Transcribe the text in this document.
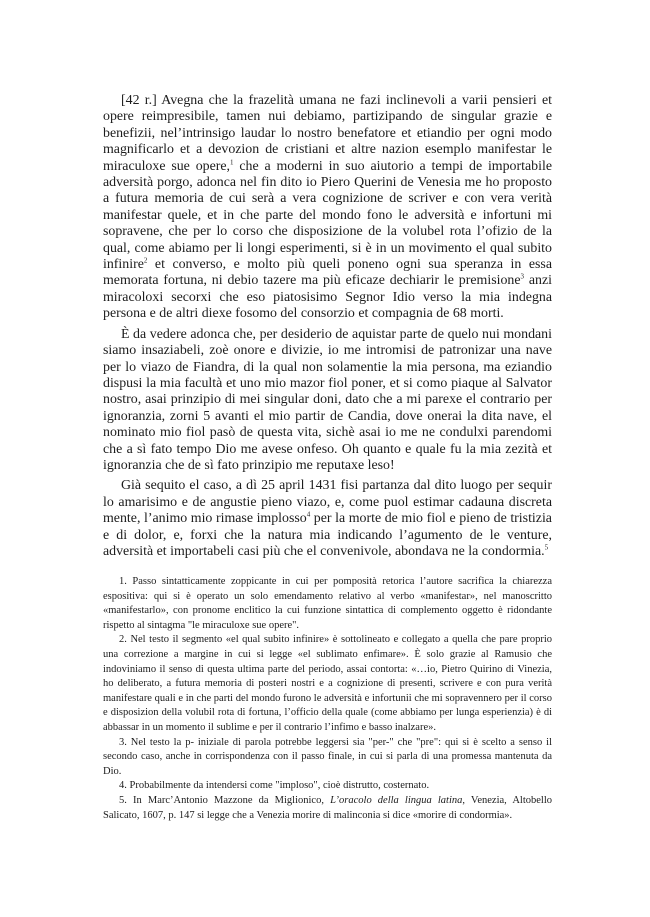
[42 r.] Avegna che la frazelità umana ne fazi inclinevoli a varii pensieri et opere reimpresibile, tamen nui debiamo, partizipando de singular grazie e benefizii, nel’intrinsigo laudar lo nostro benefatore et etiandio per ogni modo magnificarlo et a devozion de cristiani et altre nazion esemplo manifestar le miraculoxe sue opere,$^1$ che a moderni in suo aiutorio a tempi de importabile adversità porgo, adonca nel fin dito io Piero Querini de Venesia me ho proposto a futura memoria de cui serà a vera cognizione de scriver e con vera verità manifestar quele, et in che parte del mondo fono le adversità e infortuni mi sopravene, che per lo corso che disposizione de la volubel rota l’ofizio de la qual, come abiamo per li longi esperimenti, si è in un movimento el qual subito infinire$^2$ et converso, e molto più queli poneno ogni sua speranza in essa memorata fortuna, ni debio tazere ma più eficaze dechiarir le premisione$^3$ anzi miracoloxi secorxi che eso piatosisimo Segnor Idio verso la mia indegna persona e de altri diexe fosomo del consorzio et compagnia de 68 morti.

È da vedere adonca che, per desiderio de aquistar parte de quelo nui mondani siamo insaziabeli, zoè onore e divizie, io me intromisi de patronizar una nave per lo viazo de Fiandra, di la qual non solamentie la mia persona, ma eziandio dispusi la mia facultà et uno mio mazor fiol poner, et si como piaque al Salvator nostro, asai prinzipio di mei singular doni, dato che a mi parexe el contrario per ignoranzia, zorni 5 avanti el mio partir de Candia, dove onerai la dita nave, el nominato mio fiol pasò de questa vita, sichè asai io me ne condulxi parendomi che a sì fato tempo Dio me avese onfeso. Oh quanto e quale fu la mia zezità et ignoranzia che de sì fato prinzipio me reputaxe leso!

Già sequito el caso, a dì 25 april 1431 fisi partanza dal dito luogo per sequir lo amarisimo e de angustie pieno viazo, e, come puol estimar cadauna discreta mente, l’animo mio rimase implosso$^4$ per la morte de mio fiol e pieno de tristizia e di dolor, e, forxi che la natura mia indicando l’agumento de le venture, adversità et importabeli casi più che el convenivole, abondava ne la condormia.$^5$

1. Passo sintatticamente zoppicante in cui per pomposità retorica l’autore sacrifica la chiarezza espositiva: qui si è operato un solo emendamento relativo al verbo «manifestar», nel manoscritto «manifestarlo», con pronome enclitico la cui funzione sintattica di complemento oggetto è ridondante rispetto al sintagma "le miraculoxe sue opere".

2. Nel testo il segmento «el qual subito infinire» è sottolineato e collegato a quella che pare proprio una correzione a margine in cui si legge «el sublimato enfimare». È solo grazie al Ramusio che indoviniamo il senso di questa ultima parte del periodo, assai contorta: «…io, Pietro Quirino di Vinezia, ho deliberato, a futura memoria di posteri nostri e a cognizione di presenti, scrivere e con pura verità manifestare quali e in che parti del mondo furono le adversità e infortunii che mi sopravennero per il corso e disposizion della volubil rota di fortuna, l’officio della quale (come abbiamo per lunga esperienzia) è di abbassar in un momento il sublime e per il contrario l’infimo e basso inalzare».

3. Nel testo la p- iniziale di parola potrebbe leggersi sia "per-" che "pre": qui si è scelto a senso il secondo caso, anche in corrispondenza con il passo finale, in cui si parla di una promessa mantenuta da Dio.

4. Probabilmente da intendersi come "imploso", cioè distrutto, costernato.

5. In Marc’Antonio Mazzone da Miglionico, L’oracolo della lingua latina, Venezia, Altobello Salicato, 1607, p. 147 si legge che a Venezia morire di malinconia si dice «morire di condormia».
